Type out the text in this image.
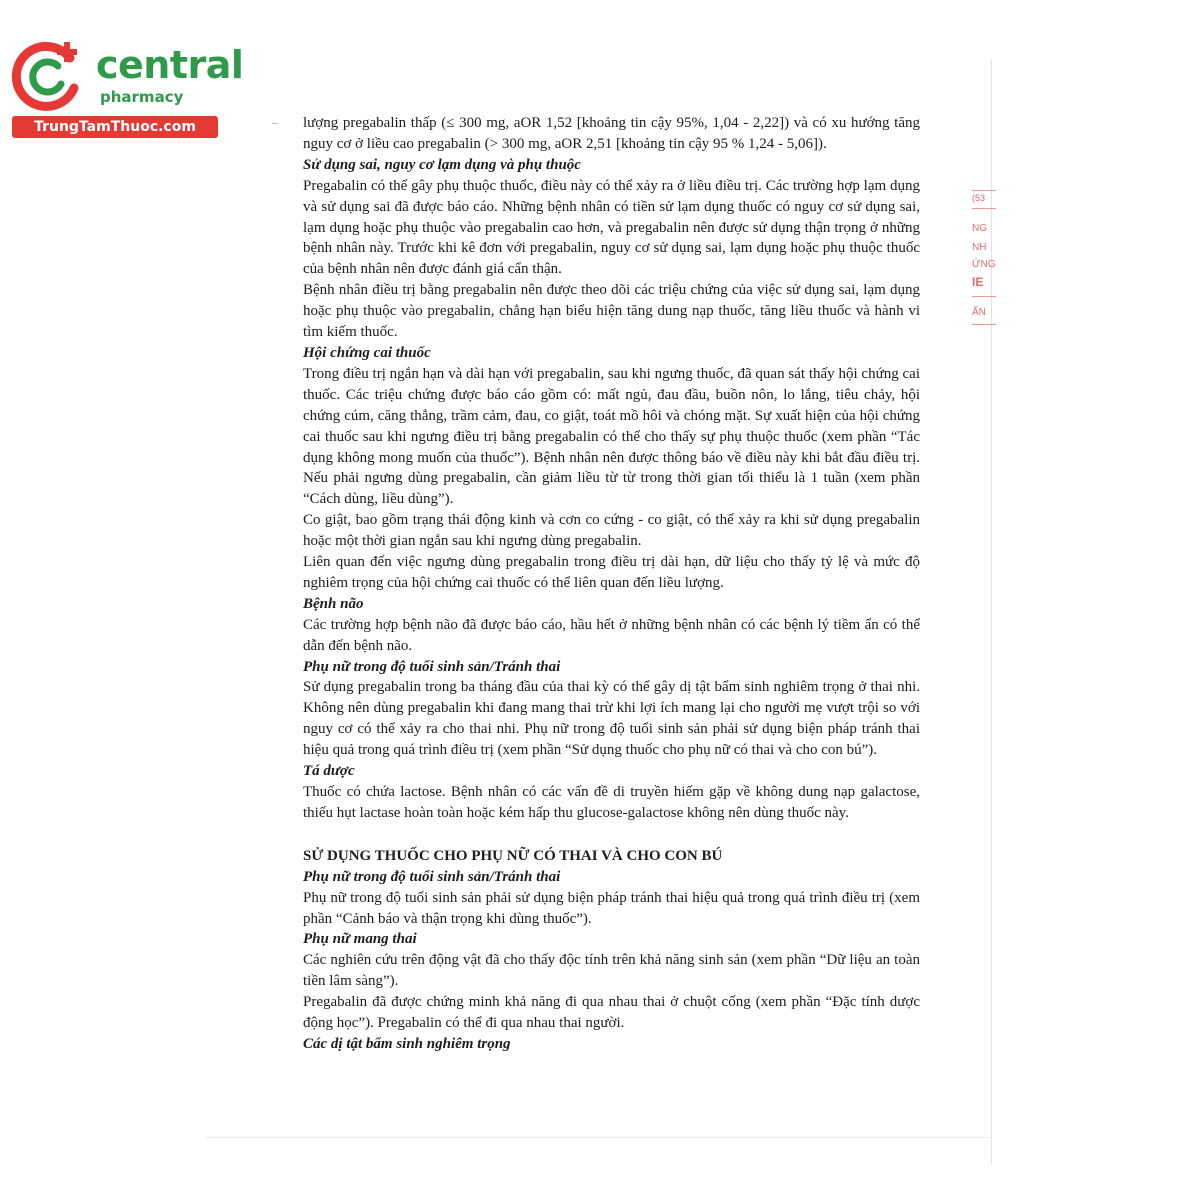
central
pharmacy
TrungTamThuoc.com
(53
NG
NH
ỨNG
IE
ẤN

lượng pregabalin thấp (≤ 300 mg, aOR 1,52 [khoảng tin cậy 95%, 1,04 - 2,22]) và có xu hướng tăng nguy cơ ở liều cao pregabalin (> 300 mg, aOR 2,51 [khoảng tin cậy 95 % 1,24 - 5,06]).

Sử dụng sai, nguy cơ lạm dụng và phụ thuộc

Pregabalin có thể gây phụ thuộc thuốc, điều này có thể xảy ra ở liều điều trị. Các trường hợp lạm dụng và sử dụng sai đã được báo cáo. Những bệnh nhân có tiền sử lạm dụng thuốc có nguy cơ sử dụng sai, lạm dụng hoặc phụ thuộc vào pregabalin cao hơn, và pregabalin nên được sử dụng thận trọng ở những bệnh nhân này. Trước khi kê đơn với pregabalin, nguy cơ sử dụng sai, lạm dụng hoặc phụ thuộc thuốc của bệnh nhân nên được đánh giá cẩn thận.

Bệnh nhân điều trị bằng pregabalin nên được theo dõi các triệu chứng của việc sử dụng sai, lạm dụng hoặc phụ thuộc vào pregabalin, chẳng hạn biểu hiện tăng dung nạp thuốc, tăng liều thuốc và hành vi tìm kiếm thuốc.

Hội chứng cai thuốc

Trong điều trị ngắn hạn và dài hạn với pregabalin, sau khi ngưng thuốc, đã quan sát thấy hội chứng cai thuốc. Các triệu chứng được báo cáo gồm có: mất ngủ, đau đầu, buồn nôn, lo lắng, tiêu chảy, hội chứng cúm, căng thẳng, trầm cảm, đau, co giật, toát mồ hôi và chóng mặt. Sự xuất hiện của hội chứng cai thuốc sau khi ngưng điều trị bằng pregabalin có thể cho thấy sự phụ thuộc thuốc (xem phần “Tác dụng không mong muốn của thuốc”). Bệnh nhân nên được thông báo về điều này khi bắt đầu điều trị. Nếu phải ngưng dùng pregabalin, cần giảm liều từ từ trong thời gian tối thiểu là 1 tuần (xem phần “Cách dùng, liều dùng”).

Co giật, bao gồm trạng thái động kinh và cơn co cứng - co giật, có thể xảy ra khi sử dụng pregabalin hoặc một thời gian ngắn sau khi ngưng dùng pregabalin.

Liên quan đến việc ngưng dùng pregabalin trong điều trị dài hạn, dữ liệu cho thấy tỷ lệ và mức độ nghiêm trọng của hội chứng cai thuốc có thể liên quan đến liều lượng.

Bệnh não

Các trường hợp bệnh não đã được báo cáo, hầu hết ở những bệnh nhân có các bệnh lý tiềm ẩn có thể dẫn đến bệnh não.

Phụ nữ trong độ tuổi sinh sản/Tránh thai

Sử dụng pregabalin trong ba tháng đầu của thai kỳ có thể gây dị tật bẩm sinh nghiêm trọng ở thai nhi. Không nên dùng pregabalin khi đang mang thai trừ khi lợi ích mang lại cho người mẹ vượt trội so với nguy cơ có thể xảy ra cho thai nhi. Phụ nữ trong độ tuổi sinh sản phải sử dụng biện pháp tránh thai hiệu quả trong quá trình điều trị (xem phần “Sử dụng thuốc cho phụ nữ có thai và cho con bú”).

Tá dược

Thuốc có chứa lactose. Bệnh nhân có các vấn đề di truyền hiếm gặp về không dung nạp galactose, thiếu hụt lactase hoàn toàn hoặc kém hấp thu glucose-galactose không nên dùng thuốc này.

SỬ DỤNG THUỐC CHO PHỤ NỮ CÓ THAI VÀ CHO CON BÚ

Phụ nữ trong độ tuổi sinh sản/Tránh thai

Phụ nữ trong độ tuổi sinh sản phải sử dụng biện pháp tránh thai hiệu quả trong quá trình điều trị (xem phần “Cảnh báo và thận trọng khi dùng thuốc”).

Phụ nữ mang thai

Các nghiên cứu trên động vật đã cho thấy độc tính trên khả năng sinh sản (xem phần “Dữ liệu an toàn tiền lâm sàng”).

Pregabalin đã được chứng minh khả năng đi qua nhau thai ở chuột cống (xem phần “Đặc tính dược động học”). Pregabalin có thể đi qua nhau thai người.

Các dị tật bẩm sinh nghiêm trọng
